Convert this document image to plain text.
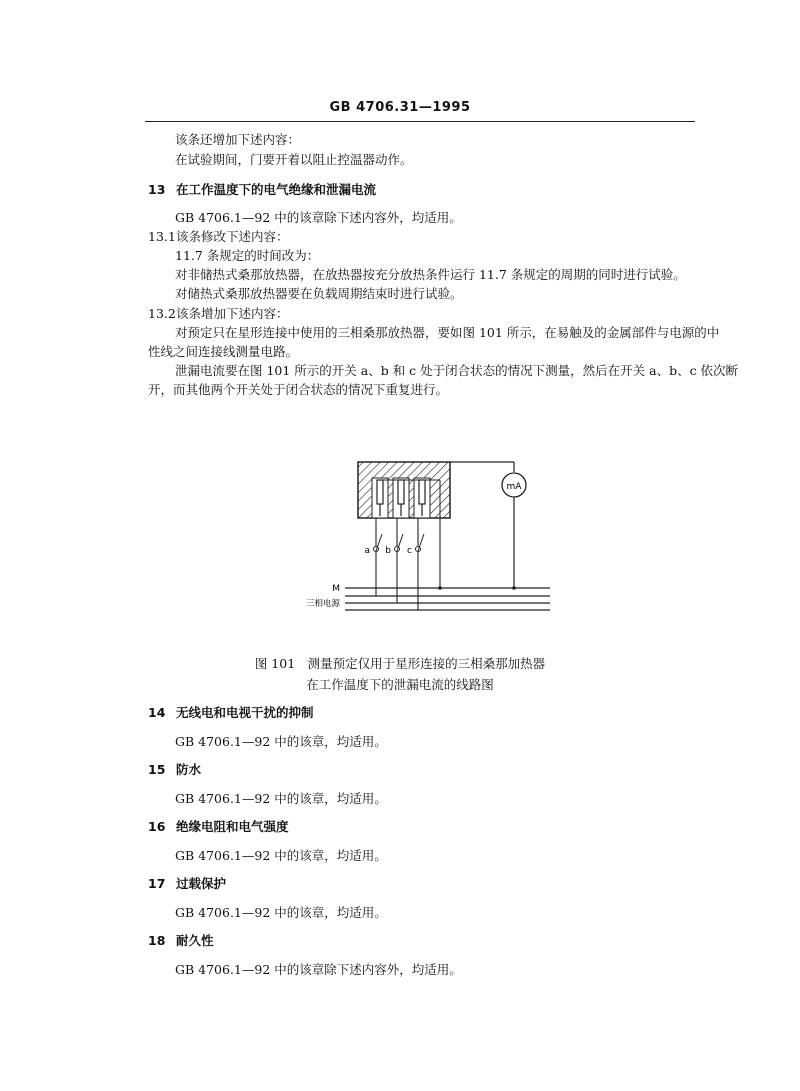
GB 4706.31—1995
该条还增加下述内容：
在试验期间，门要开着以阻止控温器动作。
13 在工作温度下的电气绝缘和泄漏电流
GB 4706.1—92 中的该章除下述内容外，均适用。
13.1该条修改下述内容：
11.7 条规定的时间改为：
对非储热式桑那放热器，在放热器按充分放热条件运行 11.7 条规定的周期的同时进行试验。
对储热式桑那放热器要在负载周期结束时进行试验。
13.2该条增加下述内容：
对预定只在星形连接中使用的三相桑那放热器，要如图 101 所示，在易触及的金属部件与电源的中
性线之间连接线测量电路。
泄漏电流要在图 101 所示的开关 a、b 和 c 处于闭合状态的情况下测量，然后在开关 a、b、c 依次断
开，而其他两个开关处于闭合状态的情况下重复进行。
mA
a b c
M
三相电源
图 101　测量预定仅用于星形连接的三相桑那加热器
在工作温度下的泄漏电流的线路图
14 无线电和电视干扰的抑制
GB 4706.1—92 中的该章，均适用。
15 防水
GB 4706.1—92 中的该章，均适用。
16 绝缘电阻和电气强度
GB 4706.1—92 中的该章，均适用。
17 过载保护
GB 4706.1—92 中的该章，均适用。
18 耐久性
GB 4706.1—92 中的该章除下述内容外，均适用。
